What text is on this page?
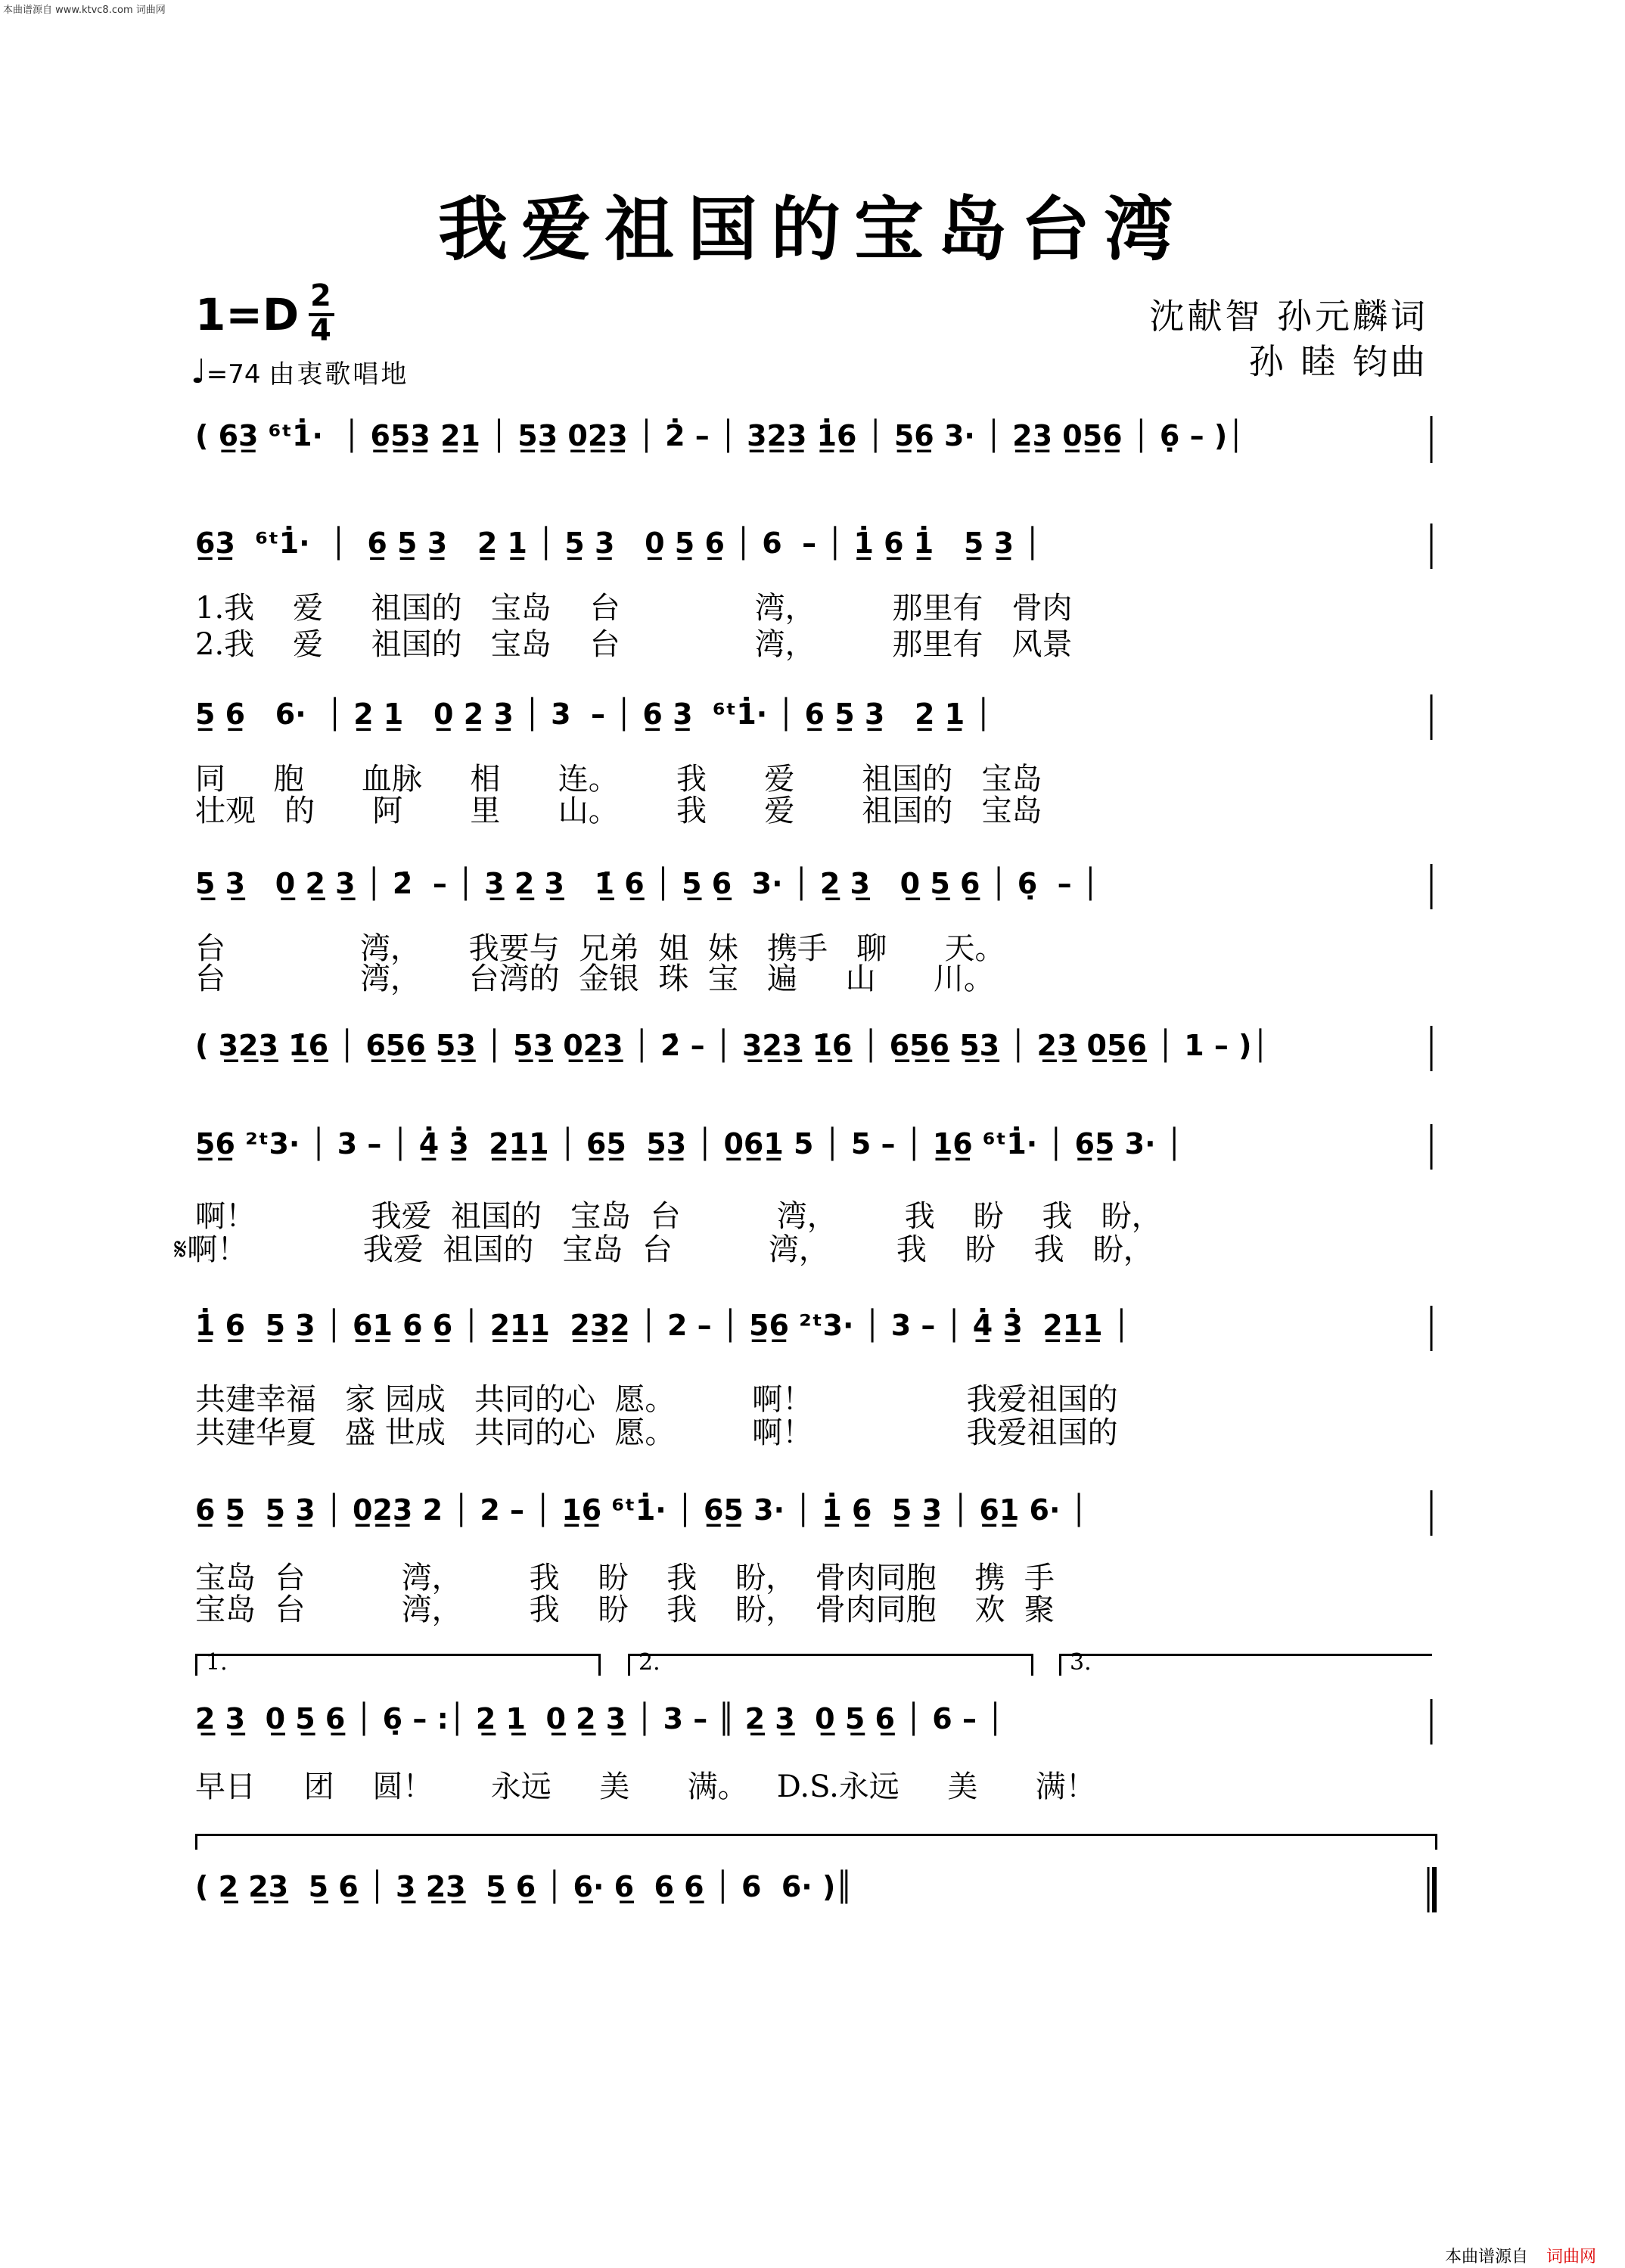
本曲谱源自 www.ktvc8.com 词曲网
我爱祖国的宝岛台湾
1=D 2
4
♩=74 由衷歌唱地
沈献智 孙元麟词
孙 睦 钧曲
( 6̲3̲ ⁶ᵗ1̇·  │ 6̲5̲3̲ 2̲1̲ │ 5̲3̲ 0̲2̲3̲ │ 2̇ – │ 3̲2̲3̲ 1̲̇6̲ │ 5̲6̲ 3· │ 2̲3̲ 0̲5̲6̲ │ 6̣ – )│
6̲3̲  ⁶ᵗ1̇·  │  6̲ 5̲ 3̲   2̲ 1̲ │ 5̲ 3̲   0̲ 5̲ 6̲ │ 6  – │ 1̲̇ 6̲ 1̲̇   5̲ 3̲ │
1.我    爱     祖国的   宝岛    台              湾，        那里有   骨肉
2.我    爱     祖国的   宝岛    台              湾，        那里有   风景
5̲ 6̲   6·  │ 2̲ 1̲   0̲ 2̲ 3̲ │ 3  – │ 6̲ 3̲  ⁶ᵗ1̇· │ 6̲ 5̲ 3̲   2̲ 1̲ │
同     胞      血脉     相      连。      我      爱       祖国的   宝岛
壮观   的      阿       里      山。      我      爱       祖国的   宝岛
5̲ 3̲   0̲ 2̲ 3̲ │ 2̇  – │ 3̲ 2̲ 3̲   1̲̇ 6̲ │ 5̲ 6̲  3· │ 2̲ 3̲   0̲ 5̲ 6̲ │ 6̣  – │
台              湾，     我要与  兄弟  姐  妹   携手   聊      天。
台              湾，     台湾的  金银  珠  宝   遍     山      川。
( 3̲2̲3̲ 1̲̇6̲ │ 6̲5̲6̲ 5̲3̲ │ 5̲3̲ 0̲2̲3̲ │ 2̇ – │ 3̲2̲3̲ 1̲̇6̲ │ 6̲5̲6̲ 5̲3̲ │ 2̲3̲ 0̲5̲6̲ │ 1 – )│
5̲6̲ ²ᵗ3· │ 3 – │ 4̲̇ 3̲̇  2̲1̲1̲ │ 6̲5̲  5̲3̲ │ 0̲6̲1̲ 5 │ 5 – │ 1̲6̲ ⁶ᵗ1̇· │ 6̲5̲ 3· │
啊！            我爱  祖国的   宝岛  台          湾，       我    盼    我   盼，
𝄋啊！            我爱  祖国的   宝岛  台          湾，       我    盼    我   盼，
1̲̇ 6̲  5̲ 3̲ │ 6̲1̲ 6̲ 6̲ │ 2̲1̲1̲  2̲3̲2̲ │ 2 – │ 5̲6̲ ²ᵗ3· │ 3 – │ 4̲̇ 3̲̇  2̲1̲1̲ │
共建幸福   家 园成   共同的心  愿。        啊！                我爱祖国的
共建华夏   盛 世成   共同的心  愿。        啊！                我爱祖国的
6̲ 5̲  5̲ 3̲ │ 0̲2̲3̲ 2 │ 2 – │ 1̲6̲ ⁶ᵗ1̇· │ 6̲5̲ 3· │ 1̲̇ 6̲  5̲ 3̲ │ 6̲1̲ 6· │
宝岛  台          湾，       我    盼    我    盼，  骨肉同胞    携  手
宝岛  台          湾，       我    盼    我    盼，  骨肉同胞    欢  聚
1.	2.	3.
2̲ 3̲  0̲ 5̲ 6̲ │ 6̣ – :│ 2̲ 1̲  0̲ 2̲ 3̲ │ 3 – ║ 2̲ 3̲  0̲ 5̲ 6̲ │ 6 – │
早日     团    圆！      永远     美      满。   D.S.永远     美      满！
( 2̲ 2̲3̲  5̲ 6̲ │ 3̲ 2̲3̲  5̲ 6̲ │ 6̲· 6̲  6̲ 6̲ │ 6  6· )║
本曲谱源自 词曲网
